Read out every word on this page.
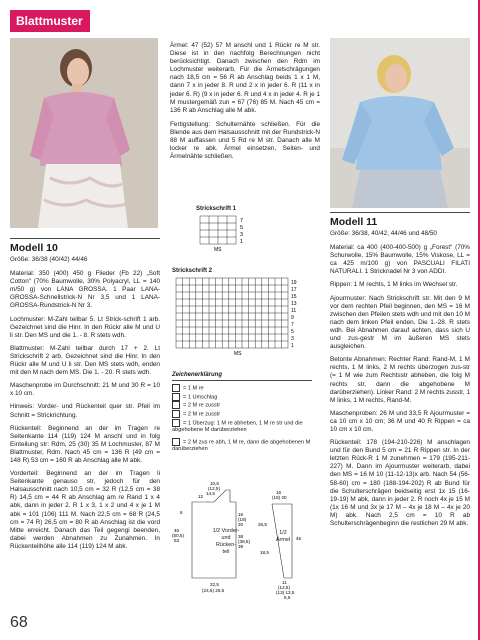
Blattmuster

Ärmel: 47 (52) 57 M anschl und 1 Rückr re M str. Diese ist in den nachfolg Berechnungen nicht berücksichtigt. Danach zwischen den Rdm im Lochmuster weiterarb. Für die Ärmelschrägungen nach 18,5 cm = 56 R ab Anschlag beids 1 x 1 M, dann 7 x in jeder 8. R und 2 x in jeder 6. R (11 x in jeder 6. R) (9 x in jeder 6. R und 4 x in jeder 4. R je 1 M mustergemäß zun = 67 (76) 85 M. Nach 45 cm = 136 R ab Anschlag alle M abk.

Fertigstellung: Schulternähte schließen. Für die Blende aus dem Halsausschnitt mit der Rundstrick-N 88 M auffassen und 5 Rd re M str. Danach alle M locker re abk. Ärmel einsetzen, Seiten- und Ärmelnähte schließen.

Modell 10
Größe: 36/38 (40/42) 44/46

Material: 350 (400) 450 g Flieder (Fb 22) „Soft Cotton“ (70% Baumwolle, 30% Polyacryl, LL = 140 m/50 g) von LANA GROSSA. 1 Paar LANA-GROSSA-Schnellstrick-N Nr 3,5 und 1 LANA-GROSSA-Rundstrick-N Nr 3.

Lochmuster: M-Zahl teilbar 5. Lt Strick-schrift 1 arb. Gezeichnet sind die Hinr. In den Rückr alle M und U li str. Den MS und die 1. - 8. R stets wdh.

Blattmuster: M-Zahl teilbar durch 17 + 2. Lt Strickschrift 2 arb. Gezeichnet sind die Hinr. In den Rückr alle M und U li str. Den MS stets wdh, enden mit den M nach dem MS. Die 1. - 20. R stets wdh.

Maschenprobe im Durchschnitt: 21 M und 30 R = 10 x 10 cm.

Hinweis: Vorder- und Rückenteil quer str. Pfeil im Schnitt = Strickrichtung.

Rückenteil: Beginnend an der im Tragen re Seitenkante 114 (119) 124 M anschl und in folg Einteilung str: Rdm, 25 (30) 35 M Lochmuster, 87 M Blattmuster, Rdm. Nach 45 cm = 136 R (49 cm = 148 R) 53 cm = 160 R ab Anschlag alle M abk.

Vorderteil: Beginnend an der im Tragen li Seitenkante genauso str, jedoch für den Halsausschnitt nach 10,5 cm = 32 R (12,5 cm = 38 R) 14,5 cm = 44 R ab Anschlag am re Rand 1 x 4 abk, dann in jeder 2. R 1 x 3, 1 x 2 und 4 x je 1 M abk = 101 (106) 111 M. Nach 22,5 cm = 68 R (24,5 cm = 74 R) 26,5 cm = 80 R ab Anschlag ist die vord Mitte erreicht. Danach das Teil gegengi beenden, dabei werden Abnahmen zu Zunahmen. In Rückenteilhöhe alle 114 (119) 124 M abk.

Strickschrift 1
7
5
3
1
MS
Strickschrift 2
19
17
15
13
11
9
7
5
3
1
MS
Zeichenerklärung
= 1 M re
= 1 Umschlag
= 2 M re zusstr
= 2 M re zusstr
= 1 Überzug: 1 M re abheben, 1 M re str und die abgehobene M darüberziehen
= 2 M zus re abh, 1 M re, dann die abgehobenen M darüberziehen
10,5
(12,5)
14,5
12
6
46
(50,5)
53
16
(18)
20
38
(38,5)
39
22,5
(24,5) 26,5
16
(18) 20
26,5
18,5
45
11
(12,5)
(13) 13,5
5,5
1/2 Vorder- und Rücken- teil
1/2 Ärmel
Modell 11
Größe: 36/38, 40/42, 44/46 und 48/50

Material: ca 400 (400-400-500) g „Forest“ (70% Schurwolle, 15% Baumwolle, 15% Viskose, LL = ca 425 m/100 g) von PASCUALI FILATI NATURALI. 1 Stricknadel Nr 3 von ADDI.

Rippen: 1 M rechts, 1 M links im Wechsel str.

Ajourmuster: Nach Strickschrift str. Mit den 9 M vor dem rechten Pfeil beginnen, den MS = 16 M zwischen den Pfeilen stets wdh und mit den 10 M nach dem linken Pfeil enden. Die 1.-28. R stets wdh. Bei Abnahmen darauf achten, dass sich U und zus-gestr M im äußeren MS stets ausgleichen.

Betonte Abnahmen: Rechter Rand: Rand-M, 1 M rechts, 1 M links, 2 M rechts überzogen zus-str (= 1 M wie zum Rechtsstr abheben, die folg M rechts str, dann die abgehobene M darüberziehen). Linker Rand: 2 M rechts zusstr, 1 M links, 1 M rechts, Rand-M.

Maschenproben: 26 M und 33,5 R Ajourmuster = ca 10 cm x 10 cm; 36 M und 40 R Rippen = ca 10 cm x 10 cm.

Rückenteil: 178 (194-210-226) M anschlagen und für den Bund 5 cm = 21 R Rippen str. In der letzten Rück-R 1 M zunehmen = 179 (195-211-227) M. Dann im Ajourmuster weiterarb, dabei den MS = 16 M 10 (11-12-13)x arb. Nach 54 (56-58-60) cm = 180 (188-194-202) R ab Bund für die Schulterschrägen beidseitig erst 1x 15 (16-19-19) M abk, dann in jeder 2. R noch 4x je 15 M (1x 16 M und 3x je 17 M – 4x je 18 M – 4x je 20 M) abk. Nach 2,5 cm = 10 R ab Schulterschrägenbeginn die restlichen 29 M abk.

68
